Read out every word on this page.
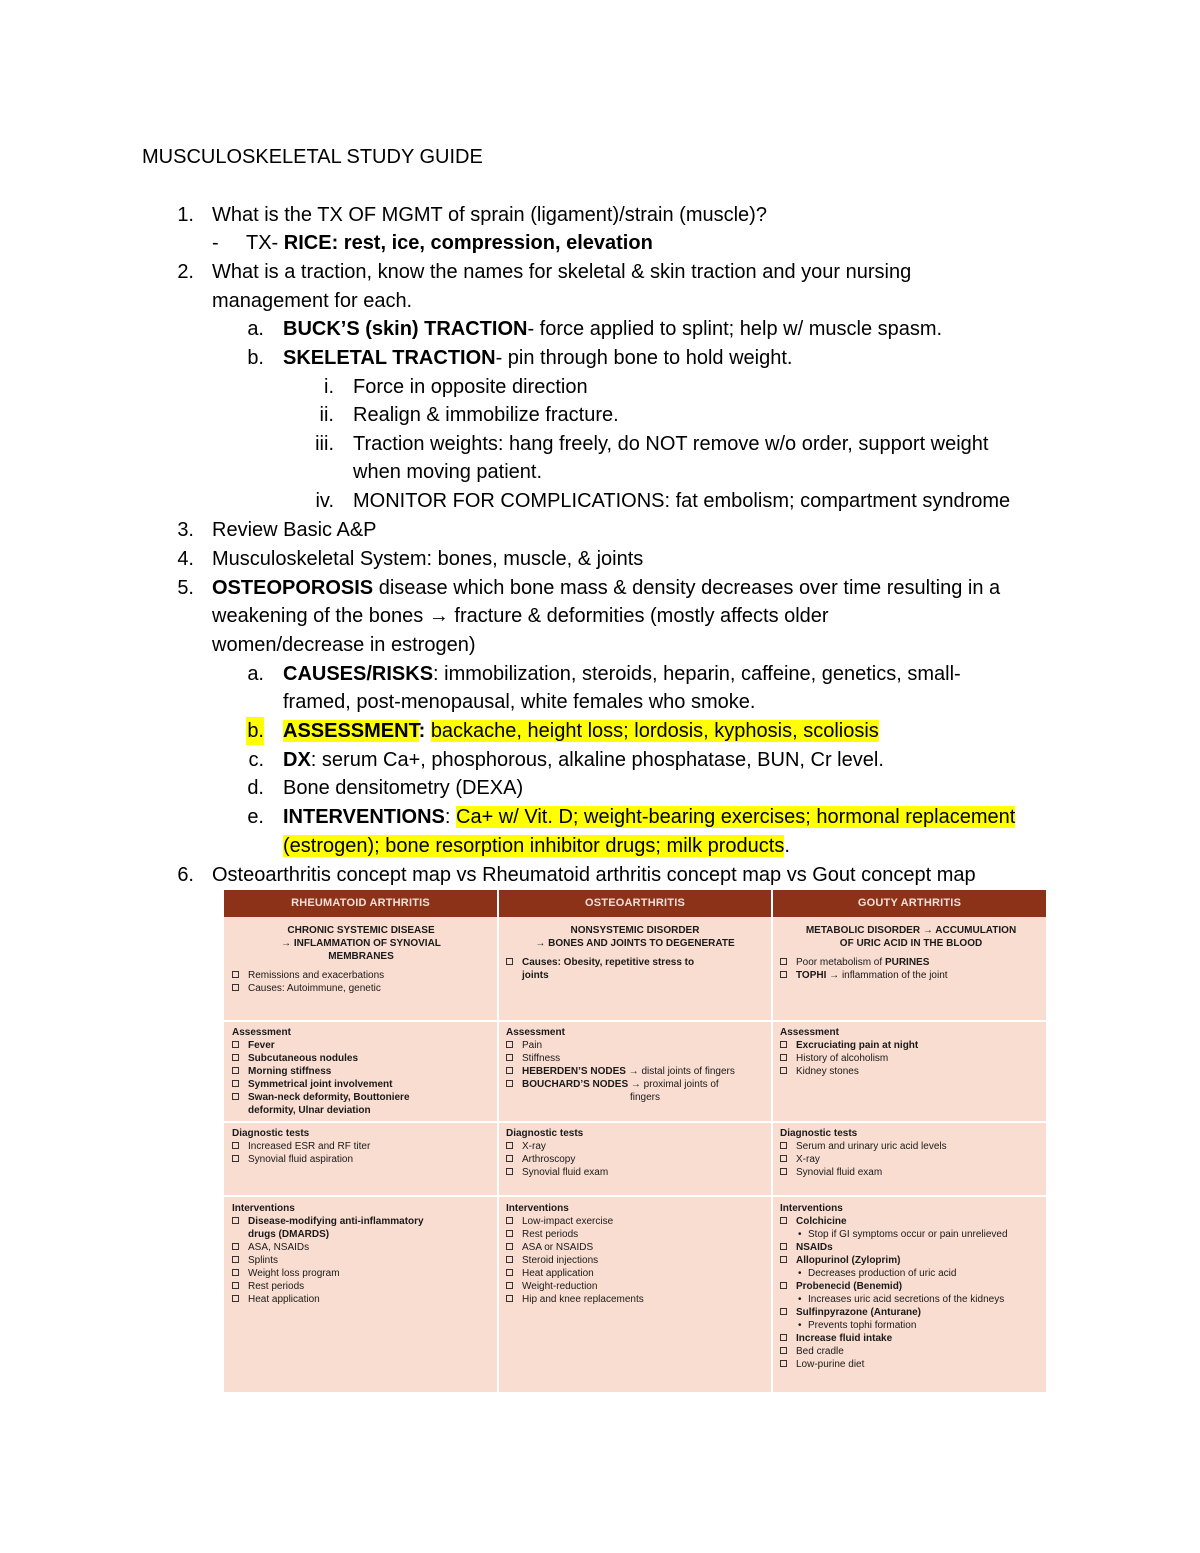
MUSCULOSKELETAL STUDY GUIDE
1. What is the TX OF MGMT of sprain (ligament)/strain (muscle)?
- TX- RICE: rest, ice, compression, elevation
2. What is a traction, know the names for skeletal & skin traction and your nursing
management for each.
a. BUCK’S (skin) TRACTION- force applied to splint; help w/ muscle spasm.
b. SKELETAL TRACTION- pin through bone to hold weight.
i. Force in opposite direction
ii. Realign & immobilize fracture.
iii. Traction weights: hang freely, do NOT remove w/o order, support weight
when moving patient.
iv. MONITOR FOR COMPLICATIONS: fat embolism; compartment syndrome
3. Review Basic A&P
4. Musculoskeletal System: bones, muscle, & joints
5. OSTEOPOROSIS disease which bone mass & density decreases over time resulting in a
weakening of the bones → fracture & deformities (mostly affects older
women/decrease in estrogen)
a. CAUSES/RISKS: immobilization, steroids, heparin, caffeine, genetics, small-
framed, post-menopausal, white females who smoke.
b. ASSESSMENT: backache, height loss; lordosis, kyphosis, scoliosis
c. DX: serum Ca+, phosphorous, alkaline phosphatase, BUN, Cr level.
d. Bone densitometry (DEXA)
e. INTERVENTIONS: Ca+ w/ Vit. D; weight-bearing exercises; hormonal replacement
(estrogen); bone resorption inhibitor drugs; milk products.
6. Osteoarthritis concept map vs Rheumatoid arthritis concept map vs Gout concept map
RHEUMATOID ARTHRITIS	OSTEOARTHRITIS	GOUTY ARTHRITIS
CHRONIC SYSTEMIC DISEASE
→ INFLAMMATION OF SYNOVIAL
MEMBRANES
Remissions and exacerbations
Causes: Autoimmune, genetic
NONSYSTEMIC DISORDER
→ BONES AND JOINTS TO DEGENERATE
Causes: Obesity, repetitive stress to
joints
METABOLIC DISORDER → ACCUMULATION
OF URIC ACID IN THE BLOOD
Poor metabolism of PURINES
TOPHI → inflammation of the joint
Assessment
Fever
Subcutaneous nodules
Morning stiffness
Symmetrical joint involvement
Swan-neck deformity, Bouttoniere
deformity, Ulnar deviation
Assessment
Pain
Stiffness
HEBERDEN’S NODES → distal joints of fingers
BOUCHARD’S NODES → proximal joints of
fingers
Assessment
Excruciating pain at night
History of alcoholism
Kidney stones
Diagnostic tests
Increased ESR and RF titer
Synovial fluid aspiration
Diagnostic tests
X-ray
Arthroscopy
Synovial fluid exam
Diagnostic tests
Serum and urinary uric acid levels
X-ray
Synovial fluid exam
Interventions
Disease-modifying anti-inflammatory
drugs (DMARDS)
ASA, NSAIDs
Splints
Weight loss program
Rest periods
Heat application
Interventions
Low-impact exercise
Rest periods
ASA or NSAIDS
Steroid injections
Heat application
Weight-reduction
Hip and knee replacements
Interventions
Colchicine
• Stop if GI symptoms occur or pain unrelieved
NSAIDs
Allopurinol (Zyloprim)
• Decreases production of uric acid
Probenecid (Benemid)
• Increases uric acid secretions of the kidneys
Sulfinpyrazone (Anturane)
• Prevents tophi formation
Increase fluid intake
Bed cradle
Low-purine diet
